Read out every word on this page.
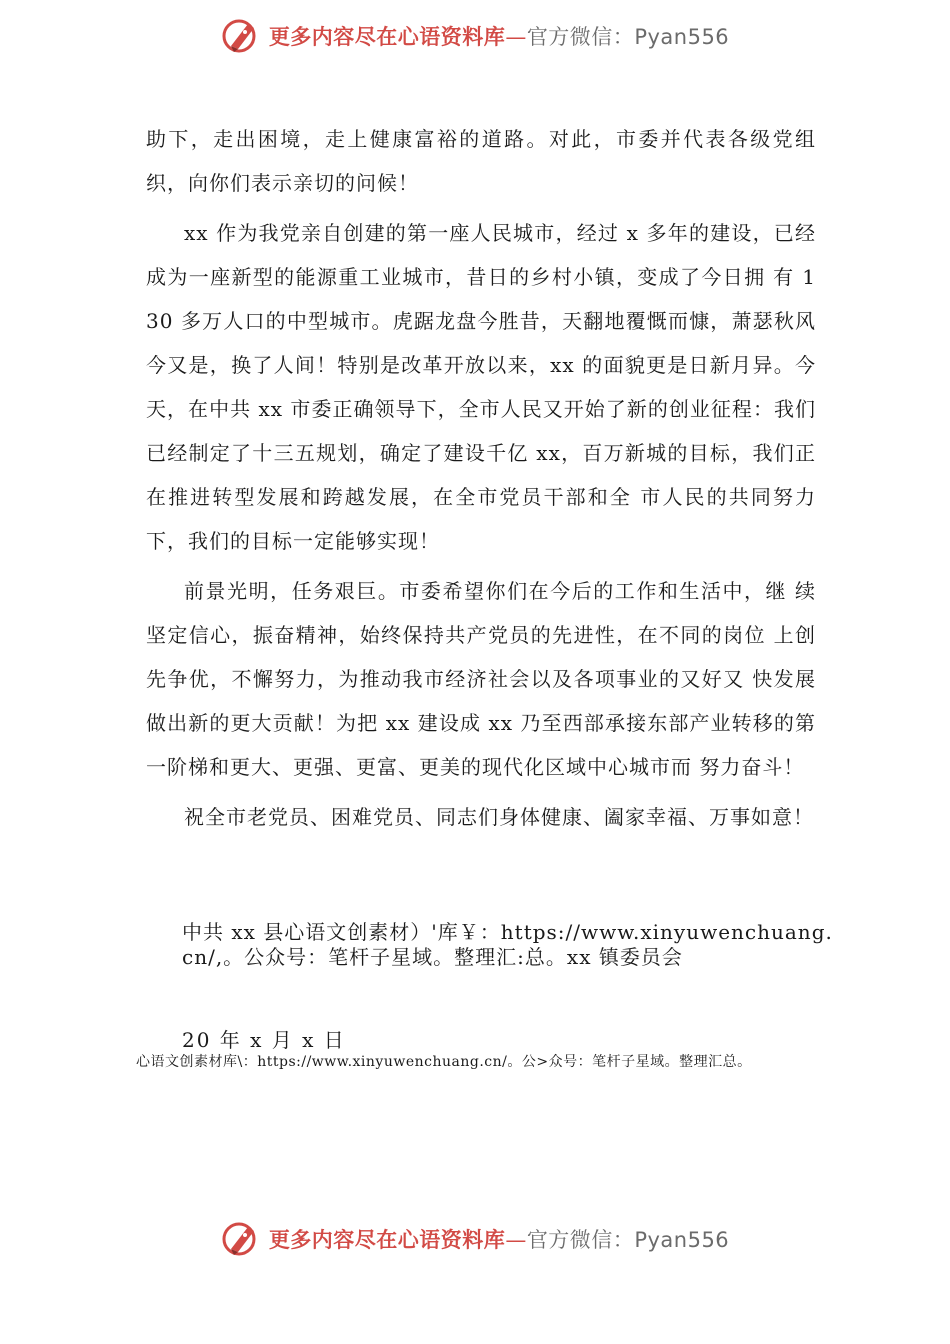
更多内容尽在心语资料库—官方微信：Pyan556

助下，走出困境，走上健康富裕的道路。对此，市委并代表各级党组 织，向你们表示亲切的问候！

xx 作为我党亲自创建的第一座人民城市，经过 x 多年的建设，已经成为一座新型的能源重工业城市，昔日的乡村小镇，变成了今日拥 有 130 多万人口的中型城市。虎踞龙盘今胜昔，天翻地覆慨而慷，萧瑟秋风今又是，换了人间！特别是改革开放以来，xx 的面貌更是日新月异。今天，在中共 xx 市委正确领导下，全市人民又开始了新的创业征程：我们已经制定了十三五规划，确定了建设千亿 xx，百万新城的目标，我们正在推进转型发展和跨越发展，在全市党员干部和全 市人民的共同努力下，我们的目标一定能够实现！

前景光明，任务艰巨。市委希望你们在今后的工作和生活中，继 续坚定信心，振奋精神，始终保持共产党员的先进性，在不同的岗位 上创先争优，不懈努力，为推动我市经济社会以及各项事业的又好又 快发展做出新的更大贡献！为把 xx 建设成 xx 乃至西部承接东部产业转移的第一阶梯和更大、更强、更富、更美的现代化区域中心城市而 努力奋斗！

祝全市老党员、困难党员、同志们身体健康、阖家幸福、万事如意！

中共 xx 县心语文创素材）'库￥：https://www.xinyuwenchuang.cn/,。公众号：笔杆子星域。整理汇:总。xx 镇委员会
20 年 x 月 x 日
心语文创素材库\：https://www.xinyuwenchuang.cn/。公>众号：笔杆子星域。整理汇总。
更多内容尽在心语资料库—官方微信：Pyan556
